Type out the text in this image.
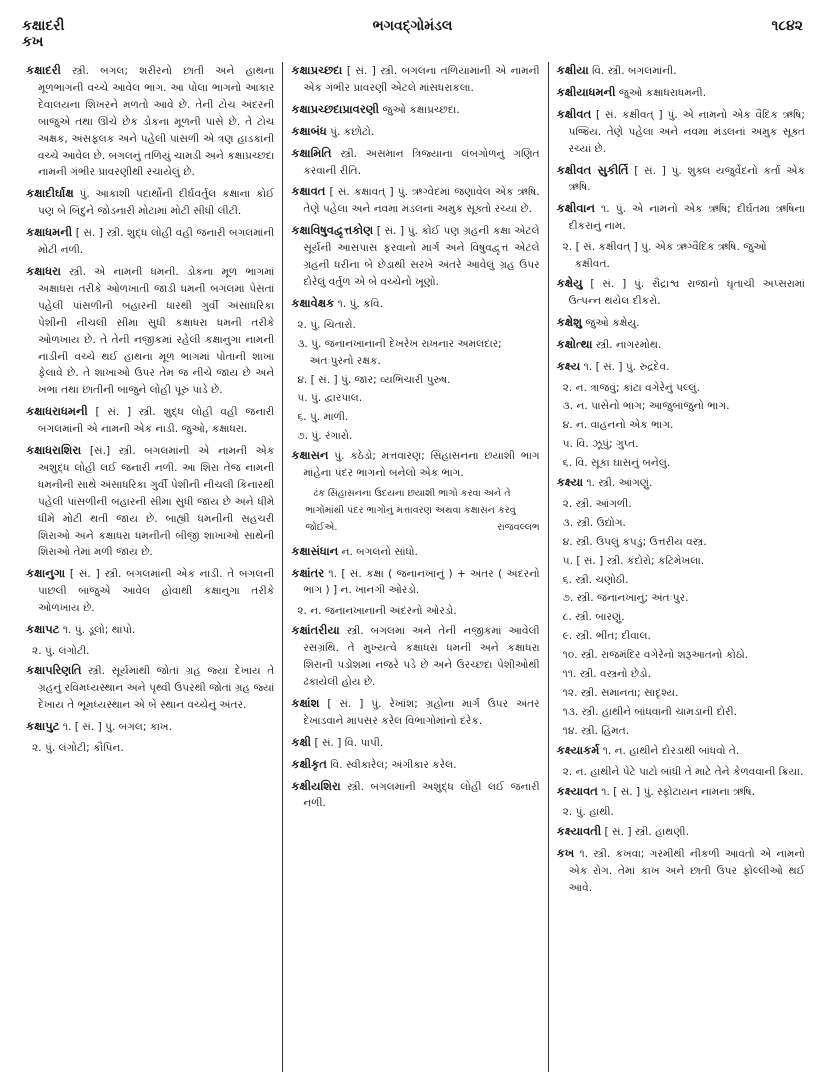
કક્ષાદરી
કખ
ભગવદ્ગોમંડલ	૧૮૪૨
કક્ષાદરી સ્ત્રી. બગલ; શરીરનો છાતી અને હાથના મૂળભાગની વચ્ચે આવેલ ભાગ. આ પોલા ભાગનો આકાર દેવાલયના શિખરને મળતો આવે છે. તેની ટોચ અંદરની બાજુએ તથા ઊંચે છેક ડોકના મૂળની પાસે છે. તે ટોચ અક્ષક, અંસફલક અને પહેલી પાંસળી એ ત્રણ હાડકાંની વચ્ચે આવેલ છે. બગલનું તળિયું ચામડી અને કક્ષાપ્રચ્છદા નામની ગંભીર પ્રાવરણીથી રચાયેલું છે.
કક્ષાદીર્ઘાક્ષ પું. આકાશી પદાર્થોની દીર્ઘવર્તુલ કક્ષાના કોઈ પણ બે બિંદુને જોડનારી મોટામાં મોટી સીધી લીટી.
કક્ષાધમની [ સં. ] સ્ત્રી. શુદ્ધ લોહી વહી જનારી બગલમાંની મોટી નળી.
કક્ષાધરા સ્ત્રી. એ નામની ધમની. ડોકના મૂળ ભાગમાં અક્ષાધરા તરીકે ઓળખાતી જાડી ધમની બગલમાં પેસતાં પહેલી પાંસળીની બહારની ધારથી ગુર્વી અંસાધરિકા પેશીની નીચલી સીમા સુધી કક્ષાધરા ધમની તરીકે ઓળખાય છે. તે તેની નજીકમાં રહેલી કક્ષાનુગા નામની નાડીની વચ્ચે થઈ હાથના મૂળ ભાગમાં પોતાની શાખા ફેલાવે છે. તે શાખાઓ ઉપર તેમ જ નીચે જાય છે અને ખભા તથા છાતીની બાજુને લોહી પૂરું પાડે છે.
કક્ષાધરાધમની [ સં. ] સ્ત્રી. શુદ્ધ લોહી વહી જનારી બગલમાંની એ નામની એક નાડી. જુઓ, કક્ષાધરા.
કક્ષાધરાશિરા [સં.] સ્ત્રી. બગલમાંની એ નામની એક અશુદ્ધ લોહી લઈ જનારી નળી. આ શિરા તેજ નામની ધમનીની સાથે અંસાધરિકા ગુર્વી પેશીની નીચલી કિનારથી પહેલી પાંસળીની બહારની સીમા સુધી જાય છે અને ધીમે ધીમે મોટી થતી જાય છે. બાહ્યી ધમનીની સહચરી શિરાઓ અને કક્ષાધરા ધમનીની બીજી શાખાઓ સાથેની શિરાઓ તેમાં મળી જાય છે.
કક્ષાનુગા [ સં. ] સ્ત્રી. બગલમાંની એક નાડી. તે બગલની પાછલી બાજુએ આવેલ હોવાથી કક્ષાનુગા તરીકે ઓળખાય છે.
કક્ષાપટ ૧. પું. ડૂલો; થાપો.
૨. પું. લંગોટી.
કક્ષાપરિણતિ સ્ત્રી. સૂર્યમાંથી જોતાં ગ્રહ જ્યાં દેખાય તે ગ્રહનું રવિમધ્યસ્થાન અને પૃથ્વી ઉપરથી જોતાં ગ્રહ જ્યાં દેખાય તે ભૂમધ્યસ્થાન એ બે સ્થાન વચ્ચેનું અંતર.
કક્ષાપુટ ૧. [ સં. ] પું. બગલ; કાખ.
૨. પું. લંગોટી; કૌપિન.
કક્ષાપ્રચ્છદા [ સં. ] સ્ત્રી. બગલના તળિયામાંની એ નામની એક ગંભીર પ્રાવરણી એટલે માંસધરાકલા.
કક્ષાપ્રચ્છદાપ્રાવરણી જુઓ કક્ષાપ્રચ્છદા.
કક્ષાબંધ પું. કછોટો.
કક્ષામિતિ સ્ત્રી. અસમાન ત્રિજ્યાના લંબગોળનું ગણિત કરવાની રીતિ.
કક્ષાવત [ સં. કક્ષાવત્ ] પું. ઋગ્વેદમાં જણાવેલ એક ઋષિ. તેણે પહેલા અને નવમા મંડલનાં અમુક સૂક્તો રચ્યાં છે.
કક્ષાવિષુવદ્વૃત્તકોણ [ સં. ] પું. કોઈ પણ ગ્રહની કક્ષા એટલે સૂર્યની આસપાસ ફરવાનો માર્ગ અને વિષુવદ્વૃત્ત એટલે ગ્રહની ધરીના બે છેડાથી સરખે અંતરે આવેલું ગ્રહ ઉપર દોરેલું વર્તુળ એ બે વચ્ચેનો ખૂણો.
કક્ષાવેક્ષક ૧. પું. કવિ.
૨. પું. ચિતારો.
૩. પું. જનાનખાનાની દેખરેખ રાખનાર અમલદાર; અંતઃપુરનો રક્ષક.
૪. [ સં. ] પું. જાર; વ્યભિચારી પુરુષ.
૫. પું. દ્વારપાલ.
૬. પું. માળી.
૭. પું. રંગારો.
કક્ષાસન પું. કઠેડો; મત્તવારણ; સિંહાસનના છયાશી ભાગ માંહેના પંદર ભાગનો બનેલો એક ભાગ.
ઢંક સિંહાસનના ઉદયના છયાશી ભાગો કરવા અને તે ભાગોમાંથી પંદર ભાગોનું મત્તાવરણ અથવા કક્ષાસન કરવું જોઈએ.	રાજવલ્લભ
કક્ષાસંધાન ન. બગલનો સાંધો.
કક્ષાંતર ૧. [ સં. કક્ષા ( જનાનખાનું ) + અંતર ( અંદરનો ભાગ ) ] ન. ખાનગી ઓરડો.
૨. ન. જનાનખાનાની અંદરનો ઓરડો.
કક્ષાંતરીયા સ્ત્રી. બગલમાં અને તેની નજીકમાં આવેલી રસગ્રંથિ. તે મુખ્યત્વે કક્ષાધરા ધમની અને કક્ષાધરા શિરાની પડોશમાં નજરે પડે છે અને ઉરચ્છદા પેશીઓથી ઢંકાયેલી હોય છે.
કક્ષાંશ [ સં. ] પું. રેખાંશ; ગ્રહોના માર્ગ ઉપર અંતર દેખાડવાને માપસર કરેલ વિભાગોમાંનો દરેક.
કક્ષી [ સં. ] વિ. પાપી.
કક્ષીકૃત વિ. સ્વીકારેલ; અંગીકાર કરેલ.
કક્ષીયશિરા સ્ત્રી. બગલમાંની અશુદ્ધ લોહી લઈ જનારી નળી.
કક્ષીયા વિ. સ્ત્રી. બગલમાંની.
કક્ષીયાધમની જુઓ કક્ષાધરાધમની.
કક્ષીવત [ સં. કક્ષીવત્ ] પું. એ નામનો એક વૈદિક ઋષિ; પજ્રિય. તેણે પહેલા અને નવમા મંડલનાં અમુક સૂક્ત રચ્યાં છે.
કક્ષીવત સુકીર્તિ [ સં. ] પું. શુક્લ યજુર્વેદનો કર્તા એક ઋષિ.
કક્ષીવાન ૧. પું. એ નામનો એક ઋષિ; દીર્ઘતમા ઋષિના દીકરાનું નામ.
૨. [ સં. કક્ષીવત્ ] પું. એક ઋગ્વૈદિક ઋષિ. જુઓ કક્ષીવત.
કક્ષેયુ [ સં. ] પું. રૌદ્રાશ્વ રાજાનો ઘૃતાચી અપ્સરામાં ઉત્પન્ન થયેલ દીકરો.
કક્ષેશુ જુઓ કક્ષેયુ.
કક્ષોત્થા સ્ત્રી. નાગરમોથ.
કક્ષ્ય ૧. [ સં. ] પું. રુદ્રદેવ.
૨. ન. ત્રાજવું; કાંટા વગેરેનું પલ્લું.
૩. ન. પાસેનો ભાગ; આજુબાજુનો ભાગ.
૪. ન. વાહનનો એક ભાગ.
૫. વિ. ઝૂપું; ગુપ્ત.
૬. વિ. સૂકા ઘાસનું બનેલું.
કક્ષ્યા ૧. સ્ત્રી. આંગણું.
૨. સ્ત્રી. આંગળી.
૩. સ્ત્રી. ઉદ્યોગ.
૪. સ્ત્રી. ઉપલું કપડું; ઉત્તરીય વસ્ત્ર.
૫. [ સં. ] સ્ત્રી. કંદોરો; કટિમેખલા.
૬. સ્ત્રી. ચણોઠી.
૭. સ્ત્રી. જનાનખાનું; અંતઃપુર.
૮. સ્ત્રી. બારણું.
૯. સ્ત્રી. ભીંત; દીવાલ.
૧૦. સ્ત્રી. રાજમંદિર વગેરેનો શરૂઆતનો કોઠો.
૧૧. સ્ત્રી. વસ્ત્રનો છેડો.
૧૨. સ્ત્રી. સમાનતા; સાદૃશ્ય.
૧૩. સ્ત્રી. હાથીને બાંધવાની ચામડાની દોરી.
૧૪. સ્ત્રી. હિંમત.
કક્ષ્યાકર્મ ૧. ન. હાથીને દોરડાથી બાંધવો તે.
૨. ન. હાથીને પેટે પાટો બાંધી તે માટે તેને કેળવવાની ક્રિયા.
કક્ષ્યાવત ૧. [ સં. ] પું. સ્ફોટાયન નામના ઋષિ.
૨. પું. હાથી.
કક્ષ્યાવતી [ સં. ] સ્ત્રી. હાથણી.
કખ ૧. સ્ત્રી. કખવા; ગરમીથી નીકળી આવતો એ નામનો એક રોગ. તેમાં કાખ અને છાતી ઉપર ફોલ્લીઓ થઈ આવે.
